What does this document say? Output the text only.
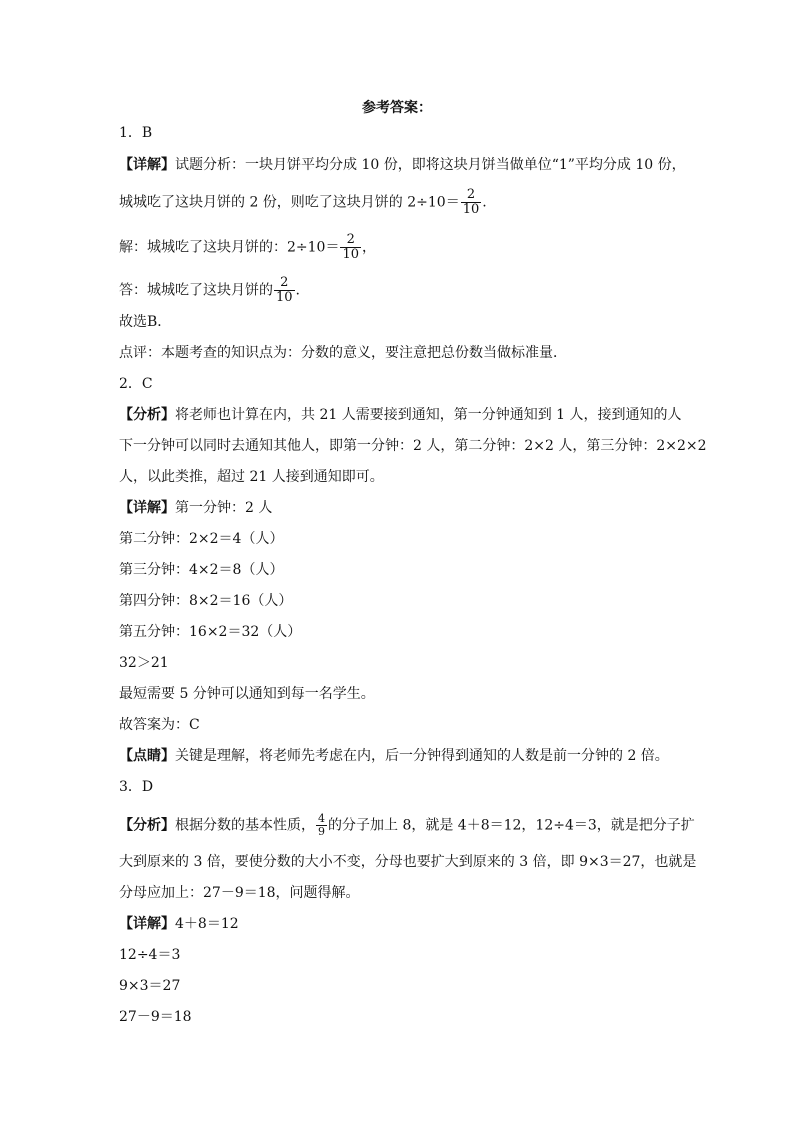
参考答案：
1．B
【详解】试题分析：一块月饼平均分成 10 份，即将这块月饼当做单位“1”平均分成 10 份，
城城吃了这块月饼的 2 份，则吃了这块月饼的 $2\div 10= \frac{2}{10}$ .
解：城城吃了这块月饼的：$2\div 10= \frac{2}{10}$ ，
答：城城吃了这块月饼的 $\frac{2}{10}$ .
故选B．
点评：本题考查的知识点为：分数的意义，要注意把总份数当做标准量．
2．C
【分析】将老师也计算在内，共 21 人需要接到通知，第一分钟通知到 1 人，接到通知的人
下一分钟可以同时去通知其他人，即第一分钟：2 人，第二分钟：2×2 人，第三分钟：2×2×2
人，以此类推，超过 21 人接到通知即可。
【详解】第一分钟：2 人
第二分钟：2×2＝4（人）
第三分钟：4×2＝8（人）
第四分钟：8×2＝16（人）
第五分钟：16×2＝32（人）
32＞21
最短需要 5 分钟可以通知到每一名学生。
故答案为：C
【点睛】关键是理解，将老师先考虑在内，后一分钟得到通知的人数是前一分钟的 2 倍。
3．D
【分析】根据分数的基本性质， $\frac{4}{9}$ 的分子加上 8，就是 4＋8＝12，12÷4＝3，就是把分子扩
大到原来的 3 倍，要使分数的大小不变，分母也要扩大到原来的 3 倍，即 9×3＝27，也就是
分母应加上：27－9＝18，问题得解。
【详解】4＋8＝12
12÷4＝3
9×3＝27
27－9＝18
